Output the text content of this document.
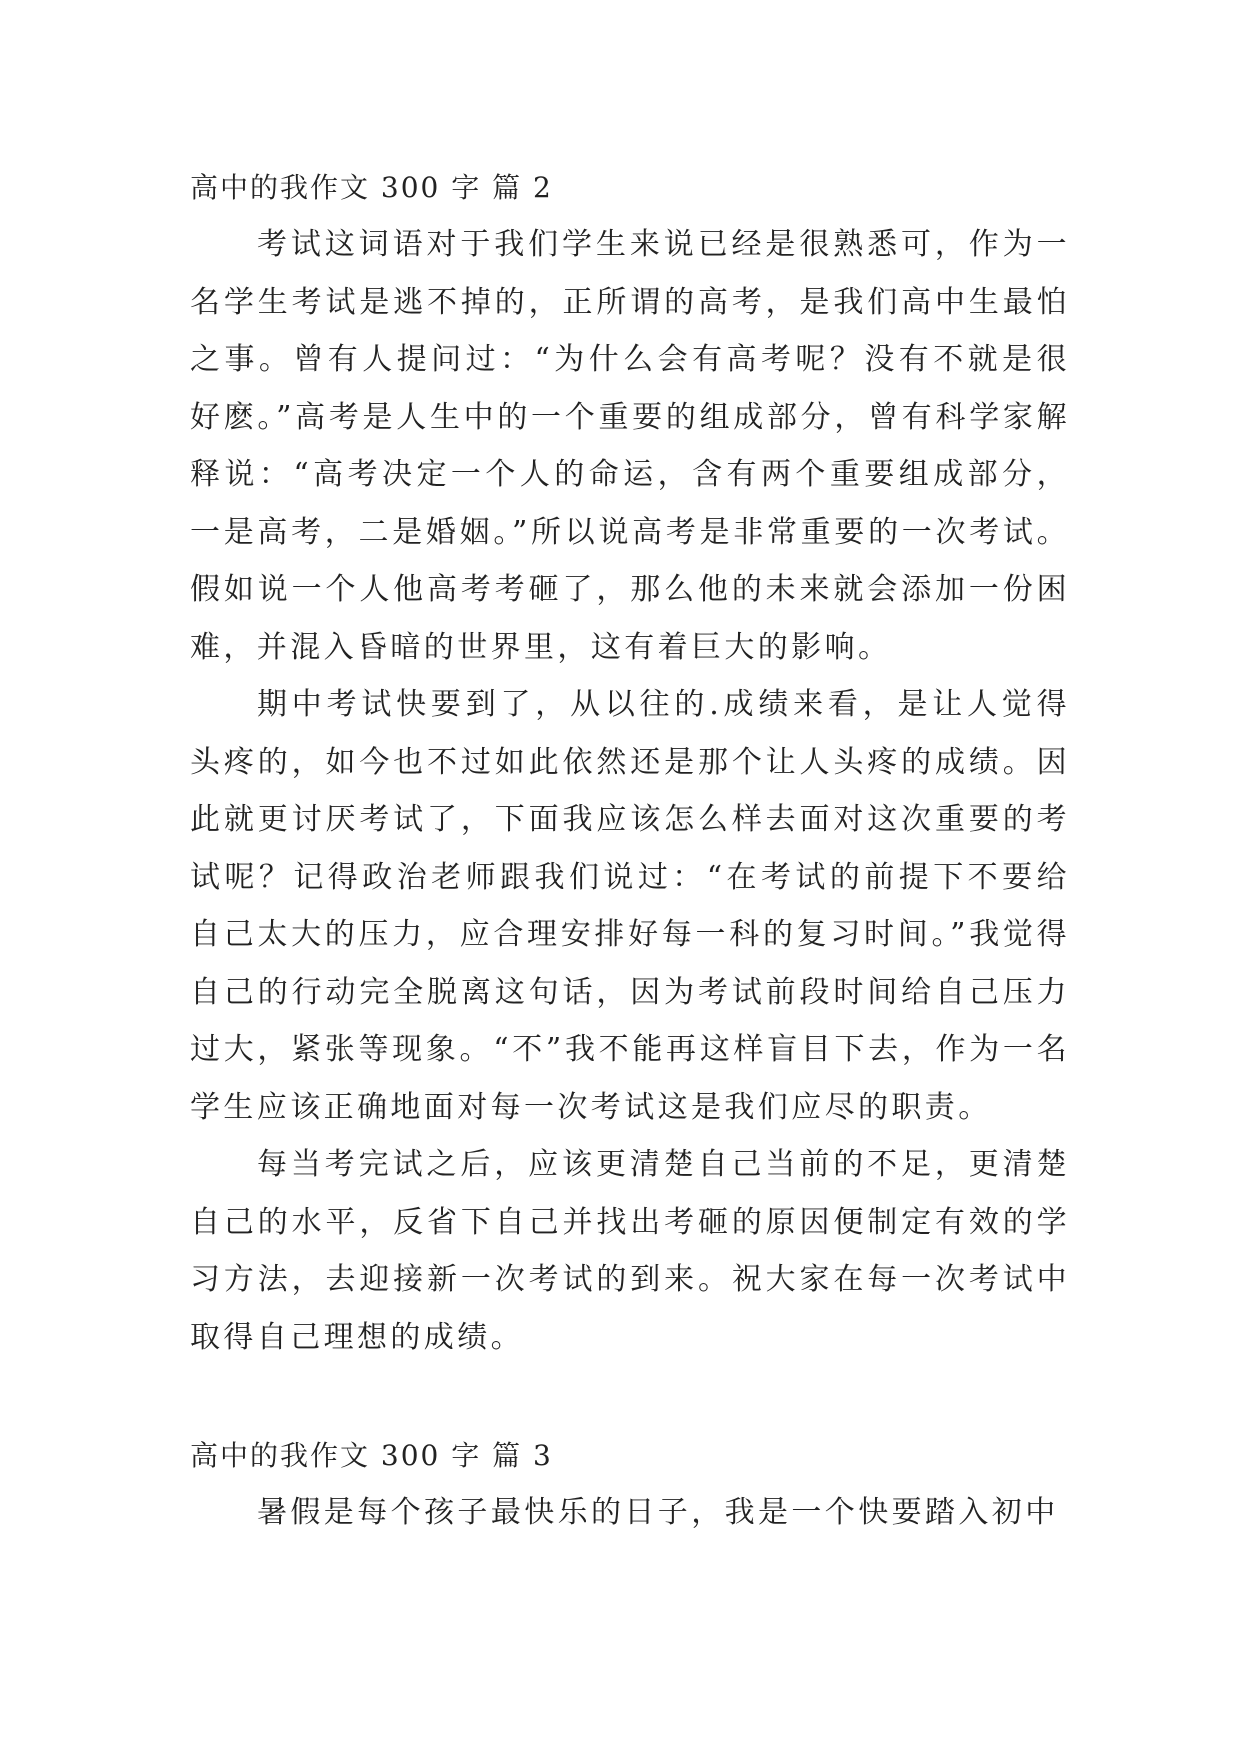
高中的我作文 300 字 篇 2

考试这词语对于我们学生来说已经是很熟悉可，作为一名学生考试是逃不掉的，正所谓的高考，是我们高中生最怕之事。曾有人提问过：“为什么会有高考呢？没有不就是很好麽。”高考是人生中的一个重要的组成部分，曾有科学家解释说：“高考决定一个人的命运，含有两个重要组成部分，一是高考，二是婚姻。”所以说高考是非常重要的一次考试。假如说一个人他高考考砸了，那么他的未来就会添加一份困难，并混入昏暗的世界里，这有着巨大的影响。

期中考试快要到了，从以往的.成绩来看，是让人觉得头疼的，如今也不过如此依然还是那个让人头疼的成绩。因此就更讨厌考试了，下面我应该怎么样去面对这次重要的考试呢？记得政治老师跟我们说过：“在考试的前提下不要给自己太大的压力，应合理安排好每一科的复习时间。”我觉得自己的行动完全脱离这句话，因为考试前段时间给自己压力过大，紧张等现象。“不”我不能再这样盲目下去，作为一名学生应该正确地面对每一次考试这是我们应尽的职责。

每当考完试之后，应该更清楚自己当前的不足，更清楚自己的水平，反省下自己并找出考砸的原因便制定有效的学习方法，去迎接新一次考试的到来。祝大家在每一次考试中取得自己理想的成绩。

高中的我作文 300 字 篇 3

暑假是每个孩子最快乐的日子，我是一个快要踏入初中
